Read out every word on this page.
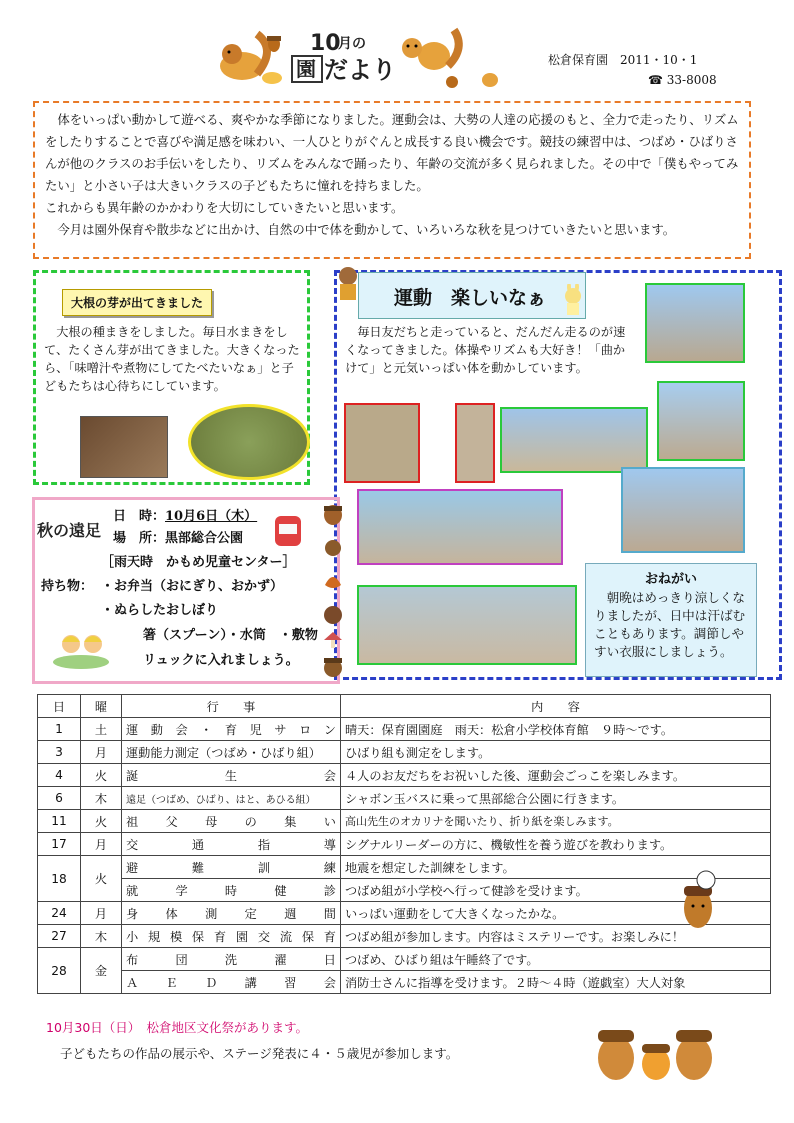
10
月の
園 だより	松倉保育園　2011・10・1
☎ 33-8008

体をいっぱい動かして遊べる、爽やかな季節になりました。運動会は、大勢の人達の応援のもと、全力で走ったり、リズムをしたりすることで喜びや満足感を味わい、一人ひとりがぐんと成長する良い機会です。競技の練習中は、つばめ・ひばりさんが他のクラスのお手伝いをしたり、リズムをみんなで踊ったり、年齢の交流が多く見られました。その中で「僕もやってみたい」と小さい子は大きいクラスの子どもたちに憧れを持ちました。

これからも異年齢のかかわりを大切にしていきたいと思います。

今月は園外保育や散歩などに出かけ、自然の中で体を動かして、いろいろな秋を見つけていきたいと思います。

大根の芽が出てきました
大根の種まきをしました。毎日水まきをして、たくさん芽が出てきました。大きくなったら、「味噌汁や煮物にしてたべたいなぁ」と子どもたちは心待ちにしています。
毎日友だちと走っていると、だんだん走るのが速くなってきました。体操やリズムも大好き！「曲かけて」と元気いっぱい体を動かしています。
おねがい
朝晩はめっきり涼しくなりましたが、日中は汗ばむこともあります。調節しやすい衣服にしましょう。
運動　楽しいなぁ
秋の遠足
日　時：10月6日（木）
場　所：黒部総合公園
［雨天時　かもめ児童センター］
持ち物： ・お弁当（おにぎり、おかず）
・ぬらしたおしぼり
箸（スプーン）・水筒　・敷物
リュックに入れましょう。
日	曜	行　　事	内　　容
1	土	運動会・育児サロン	晴天：保育園園庭　雨天：松倉小学校体育館　９時〜です。
3	月	運動能力測定（つばめ・ひばり組）	ひばり組も測定をします。
4	火	誕生会	４人のお友だちをお祝いした後、運動会ごっこを楽しみます。
6	木	遠足（つばめ、ひばり、はと、あひる組）	シャボン玉バスに乗って黒部総合公園に行きます。
11	火	祖父母の集い	高山先生のオカリナを聞いたり、折り紙を楽しみます。
17	月	交通指導	シグナルリーダーの方に、機敏性を養う遊びを教わります。
18	火	避難訓練	地震を想定した訓練をします。
		就学時健診	つばめ組が小学校へ行って健診を受けます。
24	月	身体測定週間	いっぱい運動をして大きくなったかな。
27	木	小規模保育園交流保育	つばめ組が参加します。内容はミステリーです。お楽しみに！
28	金	布団洗濯日	つばめ、ひばり組は午睡終了です。
		ＡＥＤ講習会	消防士さんに指導を受けます。２時〜４時（遊戯室）大人対象
10月30日（日）　松倉地区文化祭があります。
子どもたちの作品の展示や、ステージ発表に４・５歳児が参加します。
